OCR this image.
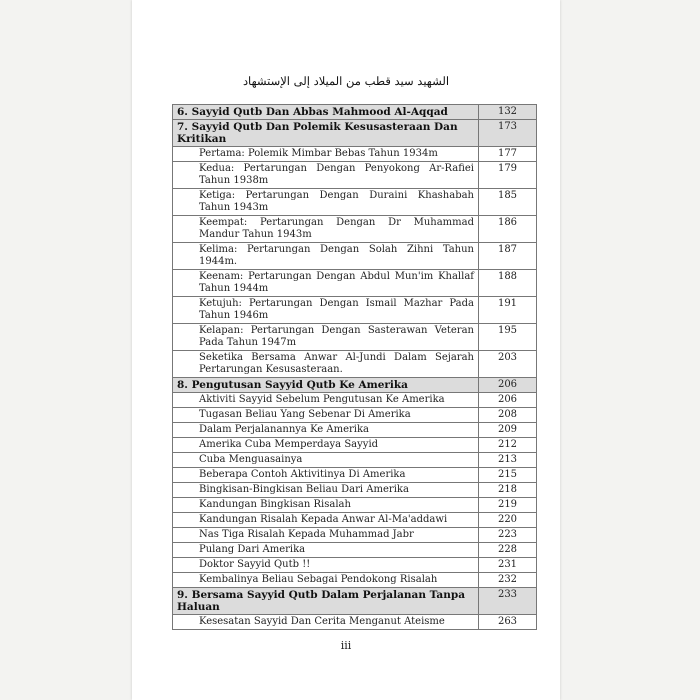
الشهيد سيد قطب من الميلاد إلى الإستشهاد
6. Sayyid Qutb Dan Abbas Mahmood Al-Aqqad	132
7. Sayyid Qutb Dan Polemik Kesusasteraan Dan Kritikan	173
Pertama: Polemik Mimbar Bebas Tahun 1934m	177
Kedua: Pertarungan Dengan Penyokong Ar-Rafiei Tahun 1938m	179
Ketiga: Pertarungan Dengan Duraini Khashabah Tahun 1943m	185
Keempat: Pertarungan Dengan Dr Muhammad Mandur Tahun 1943m	186
Kelima: Pertarungan Dengan Solah Zihni Tahun 1944m.	187
Keenam: Pertarungan Dengan Abdul Mun'im Khallaf Tahun 1944m	188
Ketujuh: Pertarungan Dengan Ismail Mazhar Pada Tahun 1946m	191
Kelapan: Pertarungan Dengan Sasterawan Veteran Pada Tahun 1947m	195
Seketika Bersama Anwar Al-Jundi Dalam Sejarah Pertarungan Kesusasteraan.	203
8. Pengutusan Sayyid Qutb Ke Amerika	206
Aktiviti Sayyid Sebelum Pengutusan Ke Amerika	206
Tugasan Beliau Yang Sebenar Di Amerika	208
Dalam Perjalanannya Ke Amerika	209
Amerika Cuba Memperdaya Sayyid	212
Cuba Menguasainya	213
Beberapa Contoh Aktivitinya Di Amerika	215
Bingkisan-Bingkisan Beliau Dari Amerika	218
Kandungan Bingkisan Risalah	219
Kandungan Risalah Kepada Anwar Al-Ma'addawi	220
Nas Tiga Risalah Kepada Muhammad Jabr	223
Pulang Dari Amerika	228
Doktor Sayyid Qutb !!	231
Kembalinya Beliau Sebagai Pendokong Risalah	232
9. Bersama Sayyid Qutb Dalam Perjalanan Tanpa Haluan	233
Kesesatan Sayyid Dan Cerita Menganut Ateisme	263
iii
